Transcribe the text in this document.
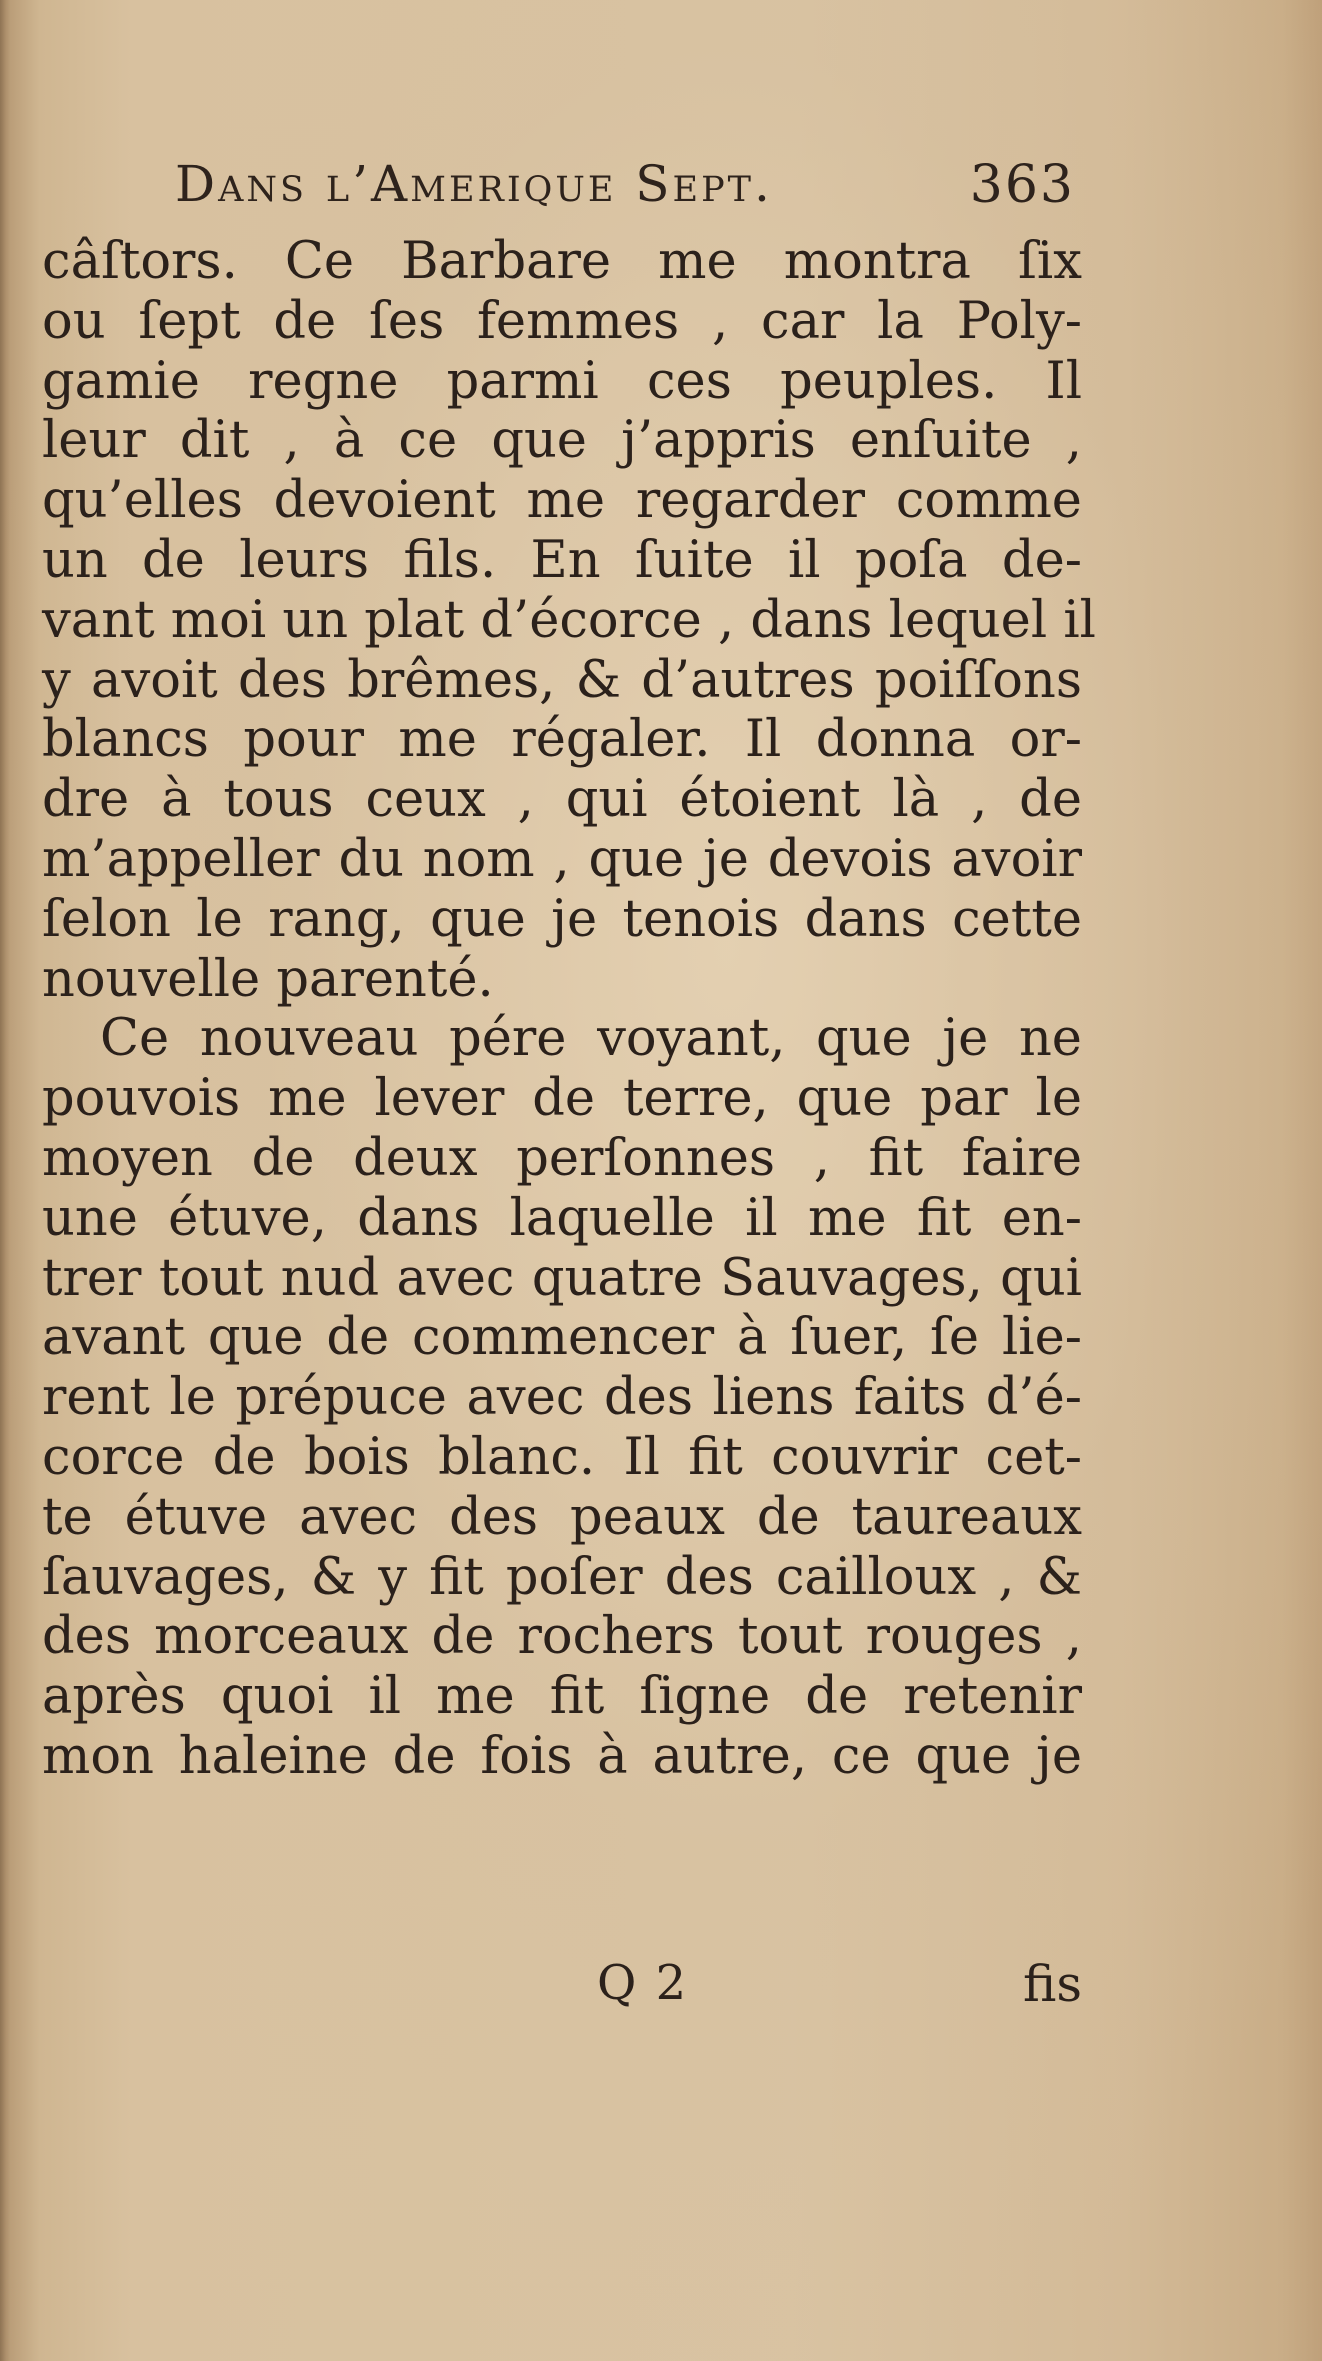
Dans l’Amerique Sept.	363
câſtors. Ce Barbare me montra ſix
ou ſept de ſes femmes , car la Poly-
gamie regne parmi ces peuples. Il
leur dit , à ce que j’appris enſuite ,
qu’elles devoient me regarder comme
un de leurs fils. En ſuite il poſa de-
vant moi un plat d’écorce , dans lequel il
y avoit des brêmes, & d’autres poiſſons
blancs pour me régaler. Il donna or-
dre à tous ceux , qui étoient là , de
m’appeller du nom , que je devois avoir
ſelon le rang, que je tenois dans cette
nouvelle parenté.
Ce nouveau pére voyant, que je ne
pouvois me lever de terre, que par le
moyen de deux perſonnes , fit faire
une étuve, dans laquelle il me fit en-
trer tout nud avec quatre Sauvages, qui
avant que de commencer à ſuer, ſe lie-
rent le prépuce avec des liens faits d’é-
corce de bois blanc. Il fit couvrir cet-
te étuve avec des peaux de taureaux
ſauvages, & y fit poſer des cailloux , &
des morceaux de rochers tout rouges ,
après quoi il me fit ſigne de retenir
mon haleine de fois à autre, ce que je
Q 2	fis
